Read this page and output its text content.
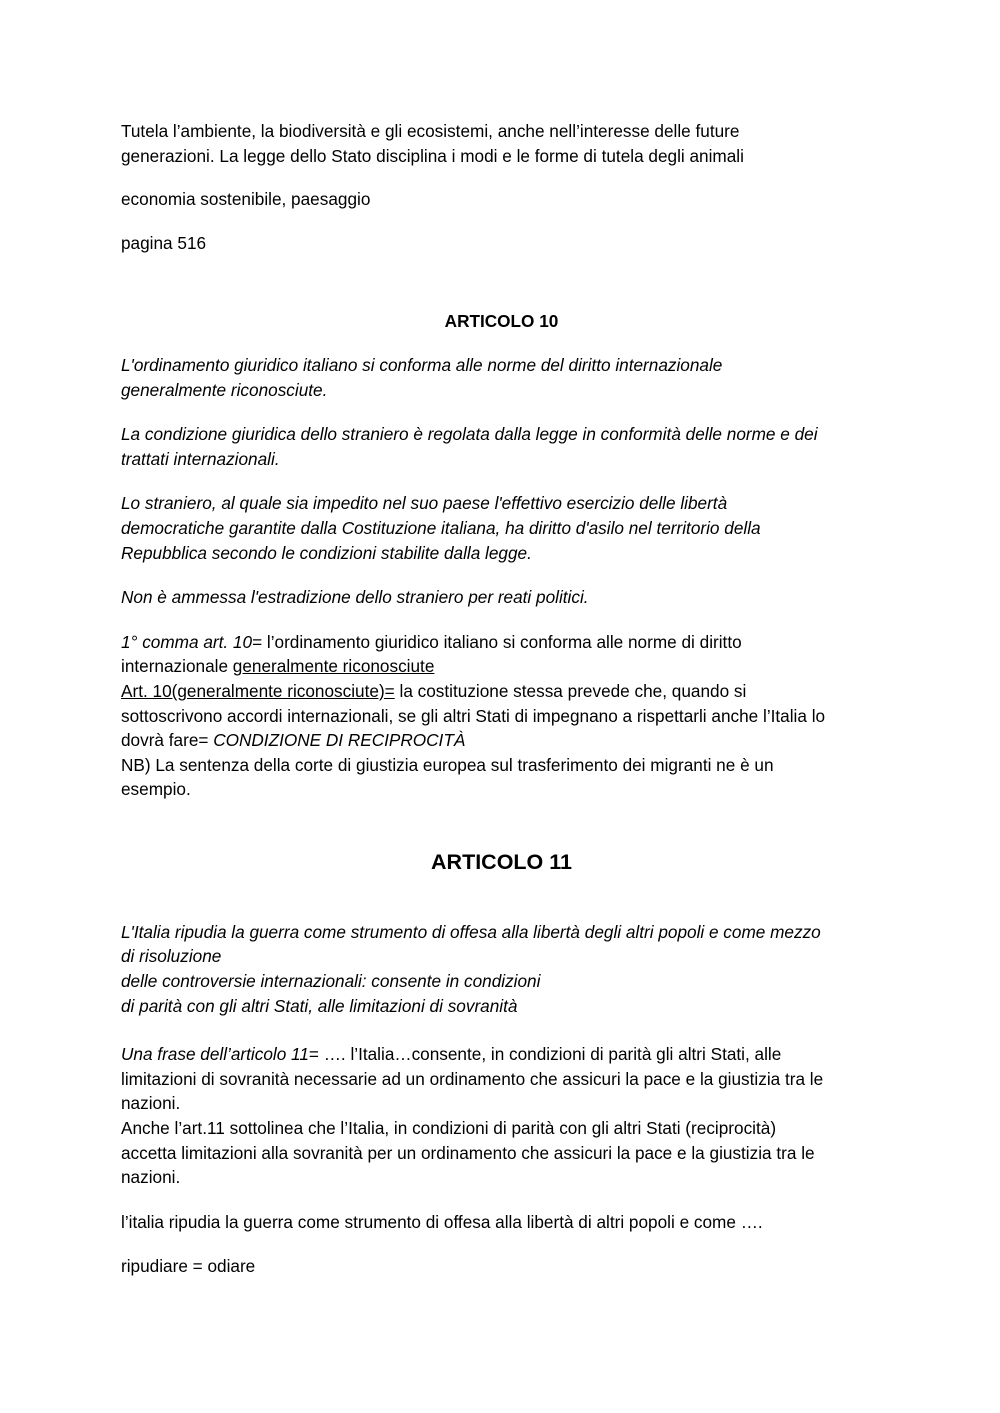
Tutela l’ambiente, la biodiversità e gli ecosistemi, anche nell’interesse delle future
generazioni. La legge dello Stato disciplina i modi e le forme di tutela degli animali

economia sostenibile, paesaggio

pagina 516

ARTICOLO 10

L'ordinamento giuridico italiano si conforma alle norme del diritto internazionale
generalmente riconosciute.

La condizione giuridica dello straniero è regolata dalla legge in conformità delle norme e dei
trattati internazionali.

Lo straniero, al quale sia impedito nel suo paese l'effettivo esercizio delle libertà
democratiche garantite dalla Costituzione italiana, ha diritto d'asilo nel territorio della
Repubblica secondo le condizioni stabilite dalla legge.

Non è ammessa l'estradizione dello straniero per reati politici.

1° comma art. 10= l’ordinamento giuridico italiano si conforma alle norme di diritto
internazionale generalmente riconosciute
Art. 10(generalmente riconosciute)= la costituzione stessa prevede che, quando si
sottoscrivono accordi internazionali, se gli altri Stati di impegnano a rispettarli anche l’Italia lo
dovrà fare= CONDIZIONE DI RECIPROCITÀ
NB) La sentenza della corte di giustizia europea sul trasferimento dei migranti ne è un
esempio.

ARTICOLO 11

L'Italia ripudia la guerra come strumento di offesa alla libertà degli altri popoli e come mezzo
di risoluzione
delle controversie internazionali: consente in condizioni
di parità con gli altri Stati, alle limitazioni di sovranità

Una frase dell’articolo 11= …. l’Italia…consente, in condizioni di parità gli altri Stati, alle
limitazioni di sovranità necessarie ad un ordinamento che assicuri la pace e la giustizia tra le
nazioni.
Anche l’art.11 sottolinea che l’Italia, in condizioni di parità con gli altri Stati (reciprocità)
accetta limitazioni alla sovranità per un ordinamento che assicuri la pace e la giustizia tra le
nazioni.

l’italia ripudia la guerra come strumento di offesa alla libertà di altri popoli e come ….

ripudiare = odiare
